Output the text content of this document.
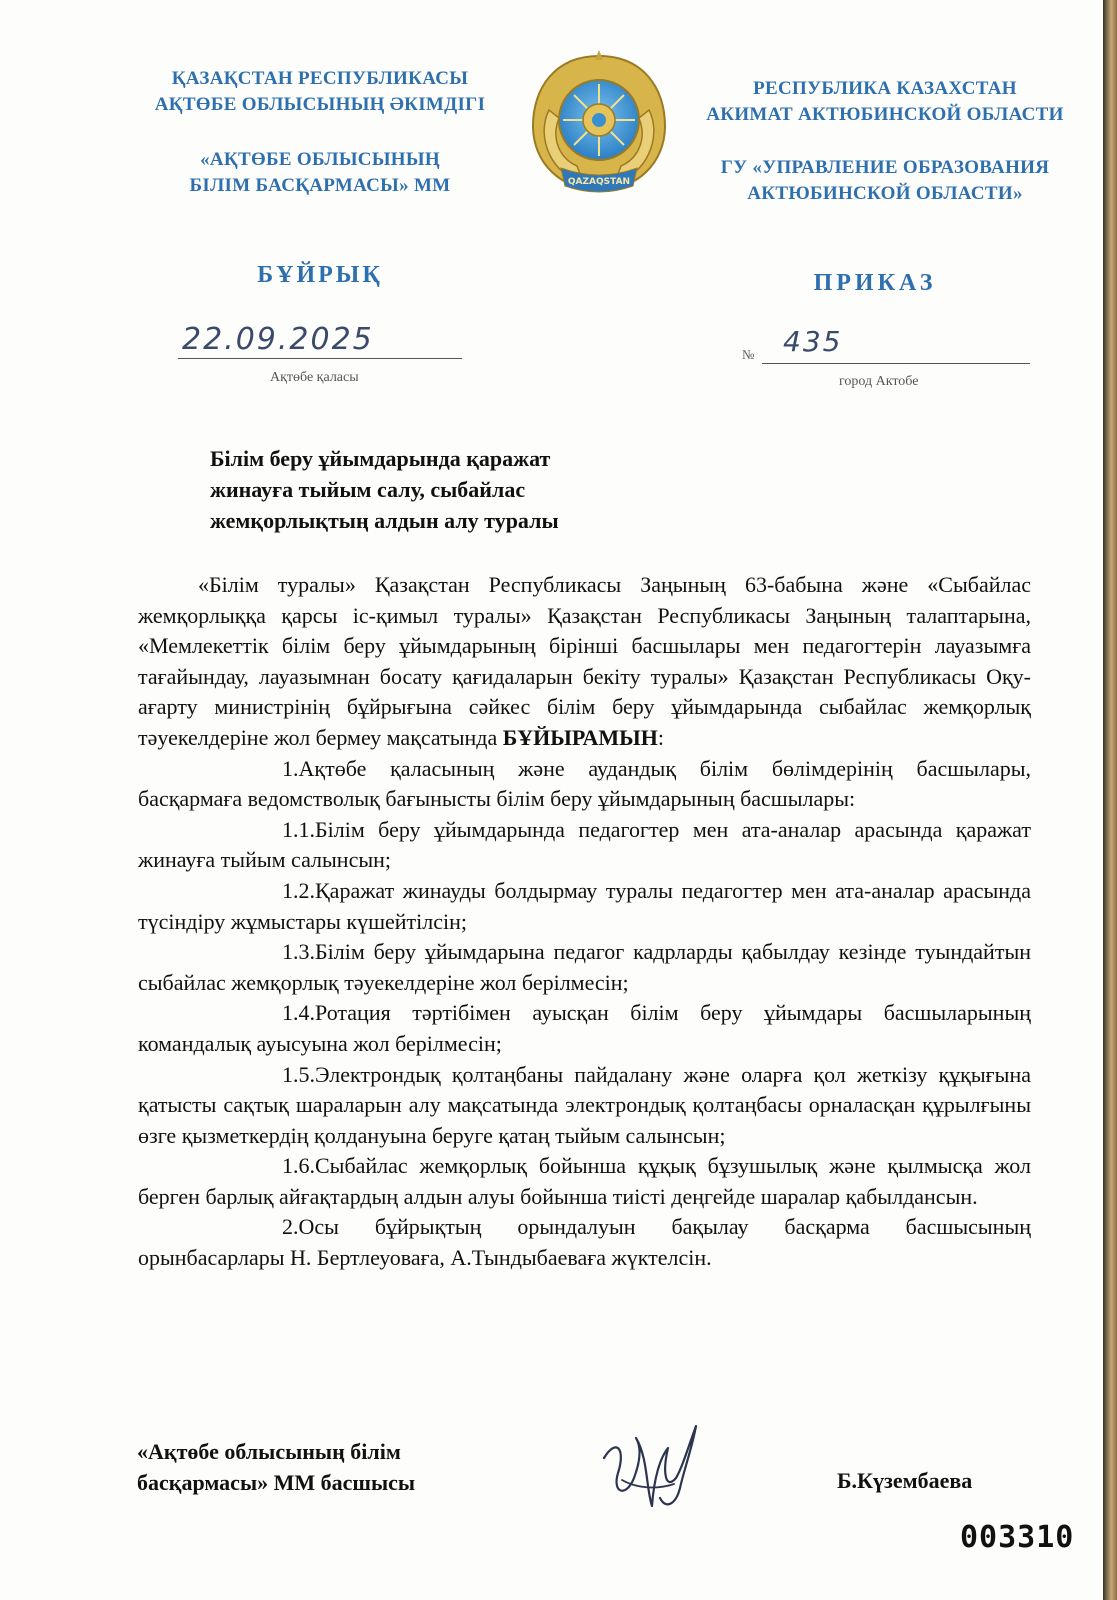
ҚАЗАҚСТАН РЕСПУБЛИКАСЫ
АҚТӨБЕ ОБЛЫСЫНЫҢ ӘКІМДІГІ
«АҚТӨБЕ ОБЛЫСЫНЫҢ
БІЛІМ БАСҚАРМАСЫ» ММ	QAZAQSTAN
РЕСПУБЛИКА КАЗАХСТАН
АКИМАТ АКТЮБИНСКОЙ ОБЛАСТИ
ГУ «УПРАВЛЕНИЕ ОБРАЗОВАНИЯ
АКТЮБИНСКОЙ ОБЛАСТИ»
БҰЙРЫҚ	ПРИКАЗ
22.09.2025
Ақтөбе қаласы
№ 435
город Актобе
Білім беру ұйымдарында қаражат
жинауға тыйым салу, сыбайлас
жемқорлықтың алдын алу туралы

«Білім туралы» Қазақстан Республикасы Заңының 63-бабына және «Сыбайлас жемқорлыққа қарсы іс-қимыл туралы» Қазақстан Республикасы Заңының талаптарына, «Мемлекеттік білім беру ұйымдарының бірінші басшылары мен педагогтерін лауазымға тағайындау, лауазымнан босату қағидаларын бекіту туралы» Қазақстан Республикасы Оқу-ағарту министрінің бұйрығына сәйкес білім беру ұйымдарында сыбайлас жемқорлық тәуекелдеріне жол бермеу мақсатында БҰЙЫРАМЫН:

1.Ақтөбе қаласының және аудандық білім бөлімдерінің басшылары, басқармаға ведомстволық бағынысты білім беру ұйымдарының басшылары:

1.1.Білім беру ұйымдарында педагогтер мен ата-аналар арасында қаражат жинауға тыйым салынсын;

1.2.Қаражат жинауды болдырмау туралы педагогтер мен ата-аналар арасында түсіндіру жұмыстары күшейтілсін;

1.3.Білім беру ұйымдарына педагог кадрларды қабылдау кезінде туындайтын сыбайлас жемқорлық тәуекелдеріне жол берілмесін;

1.4.Ротация тәртібімен ауысқан білім беру ұйымдары басшыларының командалық ауысуына жол берілмесін;

1.5.Электрондық қолтаңбаны пайдалану және оларға қол жеткізу құқығына қатысты сақтық шараларын алу мақсатында электрондық қолтаңбасы орналасқан құрылғыны өзге қызметкердің қолдануына беруге қатаң тыйым салынсын;

1.6.Сыбайлас жемқорлық бойынша құқық бұзушылық және қылмысқа жол берген барлық айғақтардың алдын алуы бойынша тиісті деңгейде шаралар қабылдансын.

2.Осы бұйрықтың орындалуын бақылау басқарма басшысының орынбасарлары Н. Бертлеуоваға, А.Тындыбаеваға жүктелсін.

«Ақтөбе облысының білім
басқармасы» ММ басшысы	Б.Күзембаева
003310
